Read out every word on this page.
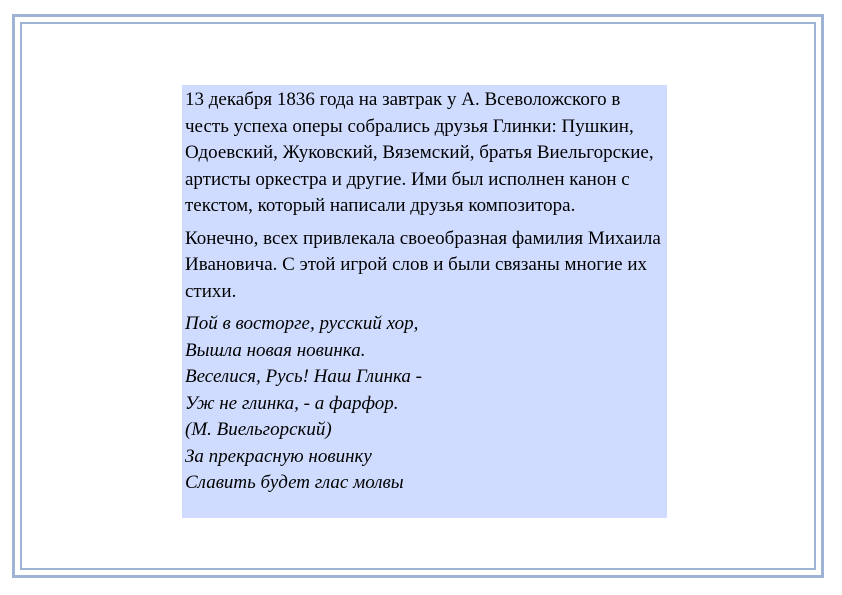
13 декабря 1836 года на завтрак у А. Всеволожского в честь успеха оперы собрались друзья Глинки: Пушкин, Одоевский, Жуковский, Вяземский, братья Виельгорские, артисты оркестра и другие. Ими был исполнен канон с текстом, который написали друзья композитора.

Конечно, всех привлекала своеобразная фамилия Михаила Ивановича. С этой игрой слов и были связаны многие их стихи.

Пой в восторге, русский хор,
Вышла новая новинка.
Веселися, Русь! Наш Глинка -
Уж не глинка, - а фарфор.
(М. Виельгорский)
За прекрасную новинку
Славить будет глас молвы
